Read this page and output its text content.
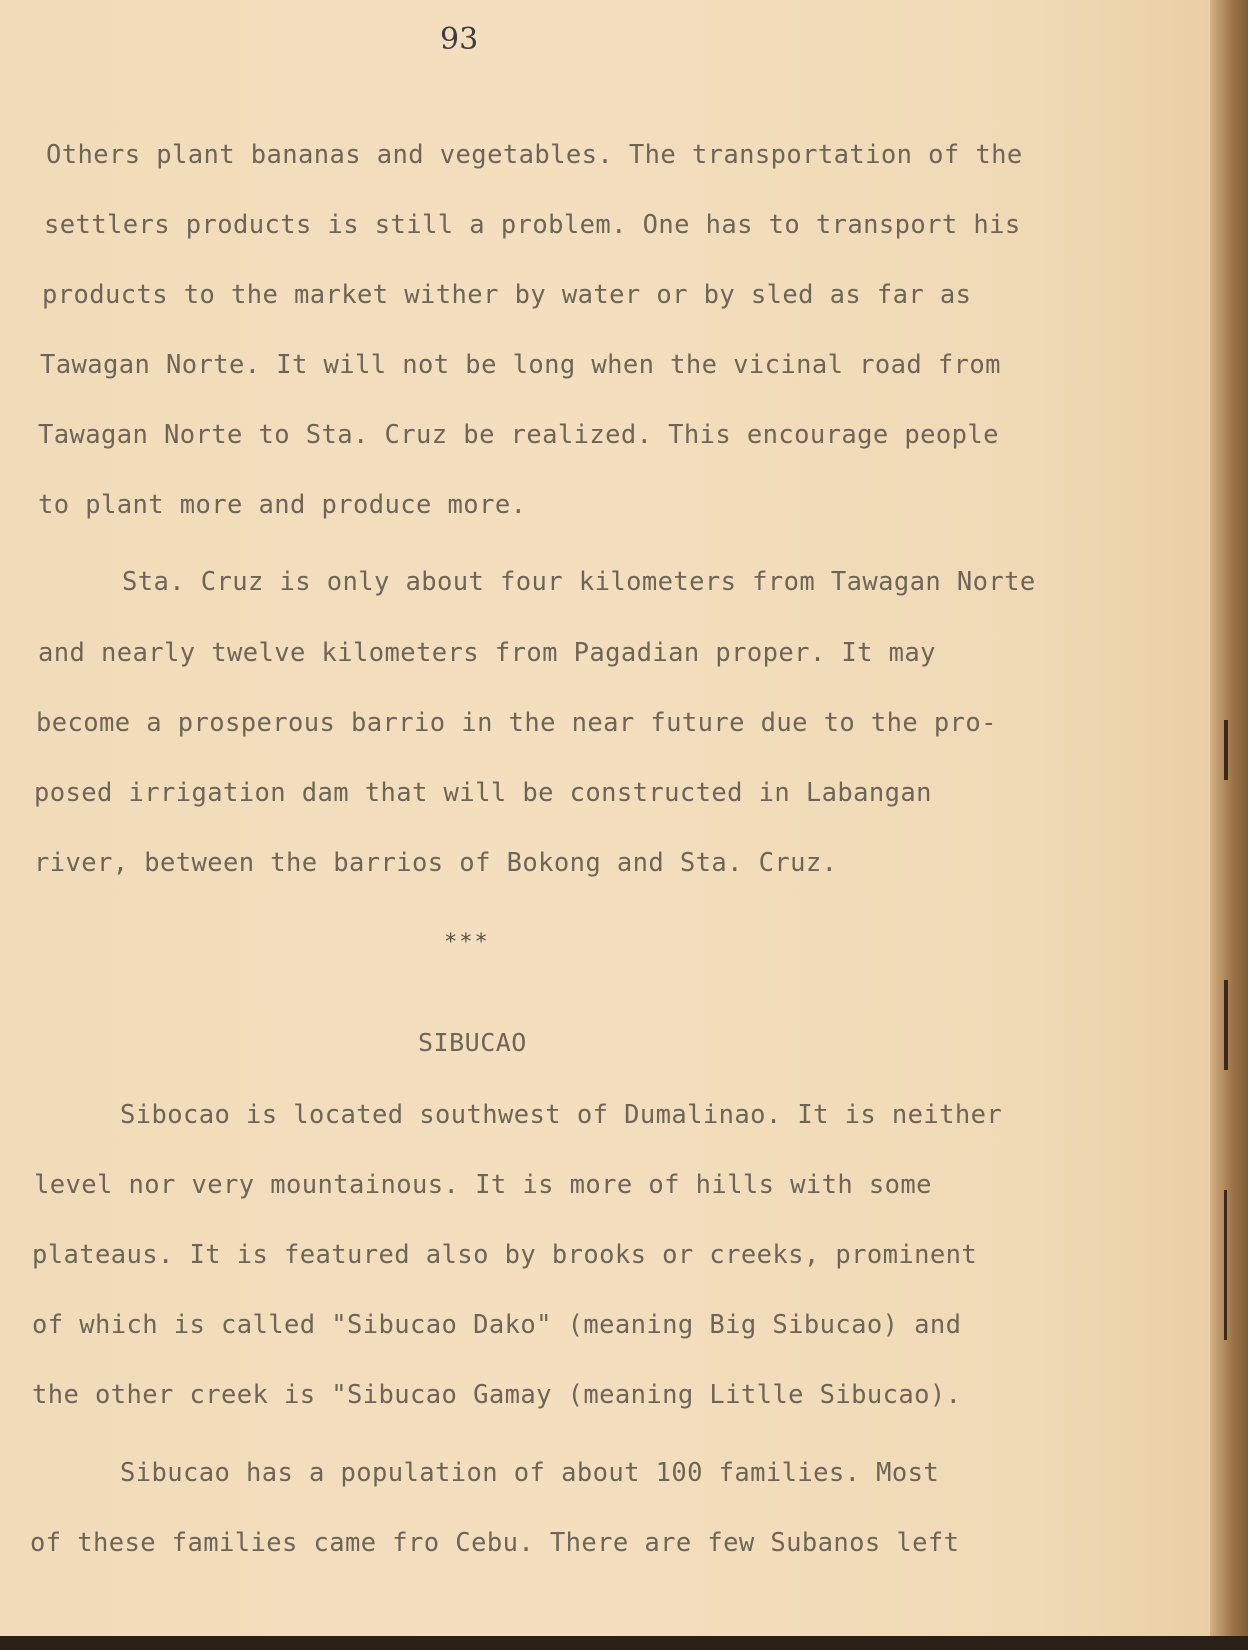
93
Others plant bananas and vegetables. The transportation of the
settlers products is still a problem. One has to transport his
products to the market wither by water or by sled as far as
Tawagan Norte. It will not be long when the vicinal road from
Tawagan Norte to Sta. Cruz be realized. This encourage people
to plant more and produce more.
Sta. Cruz is only about four kilometers from Tawagan Norte
and nearly twelve kilometers from Pagadian proper. It may
become a prosperous barrio in the near future due to the pro-
posed irrigation dam that will be constructed in Labangan
river, between the barrios of Bokong and Sta. Cruz.
***
SIBUCAO
Sibocao is located southwest of Dumalinao. It is neither
level nor very mountainous. It is more of hills with some
plateaus. It is featured also by brooks or creeks, prominent
of which is called "Sibucao Dako" (meaning Big Sibucao) and
the other creek is "Sibucao Gamay (meaning Litlle Sibucao).
Sibucao has a population of about 100 families. Most
of these families came fro Cebu. There are few Subanos left
